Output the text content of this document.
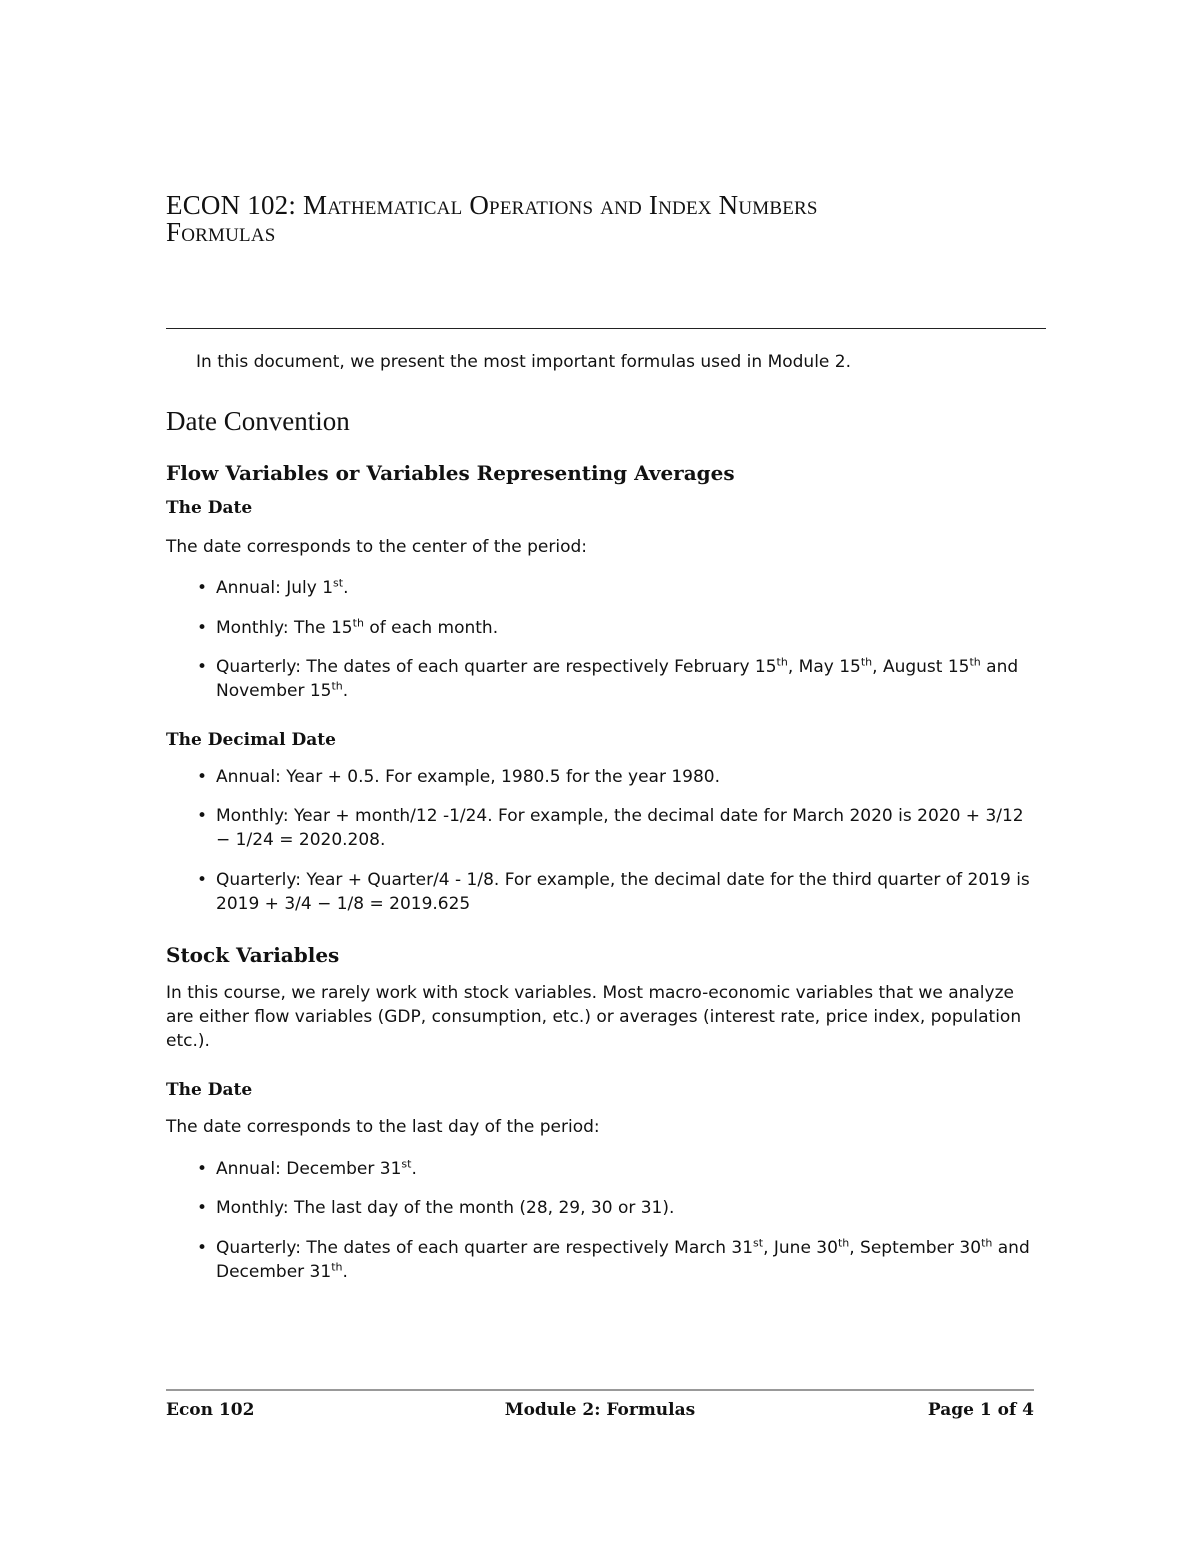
ECON 102: Mathematical Operations and Index Numbers
Formulas

In this document, we present the most important formulas used in Module 2.

Date Convention
Flow Variables or Variables Representing Averages
The Date

The date corresponds to the center of the period:

• Annual: July 1st.
• Monthly: The 15th of each month.
• Quarterly: The dates of each quarter are respectively February 15th, May 15th, August 15th and November 15th.
The Decimal Date
• Annual: Year + 0.5. For example, 1980.5 for the year 1980.
• Monthly: Year + month/12 -1/24. For example, the decimal date for March 2020 is 2020 + 3/12 − 1/24 = 2020.208.
• Quarterly: Year + Quarter/4 - 1/8. For example, the decimal date for the third quarter of 2019 is 2019 + 3/4 − 1/8 = 2019.625
Stock Variables

In this course, we rarely work with stock variables. Most macro-economic variables that we analyze are either flow variables (GDP, consumption, etc.) or averages (interest rate, price index, population etc.).

The Date

The date corresponds to the last day of the period:

• Annual: December 31st.
• Monthly: The last day of the month (28, 29, 30 or 31).
• Quarterly: The dates of each quarter are respectively March 31st, June 30th, September 30th and December 31th.

Econ 102	Module 2: Formulas	Page 1 of 4
